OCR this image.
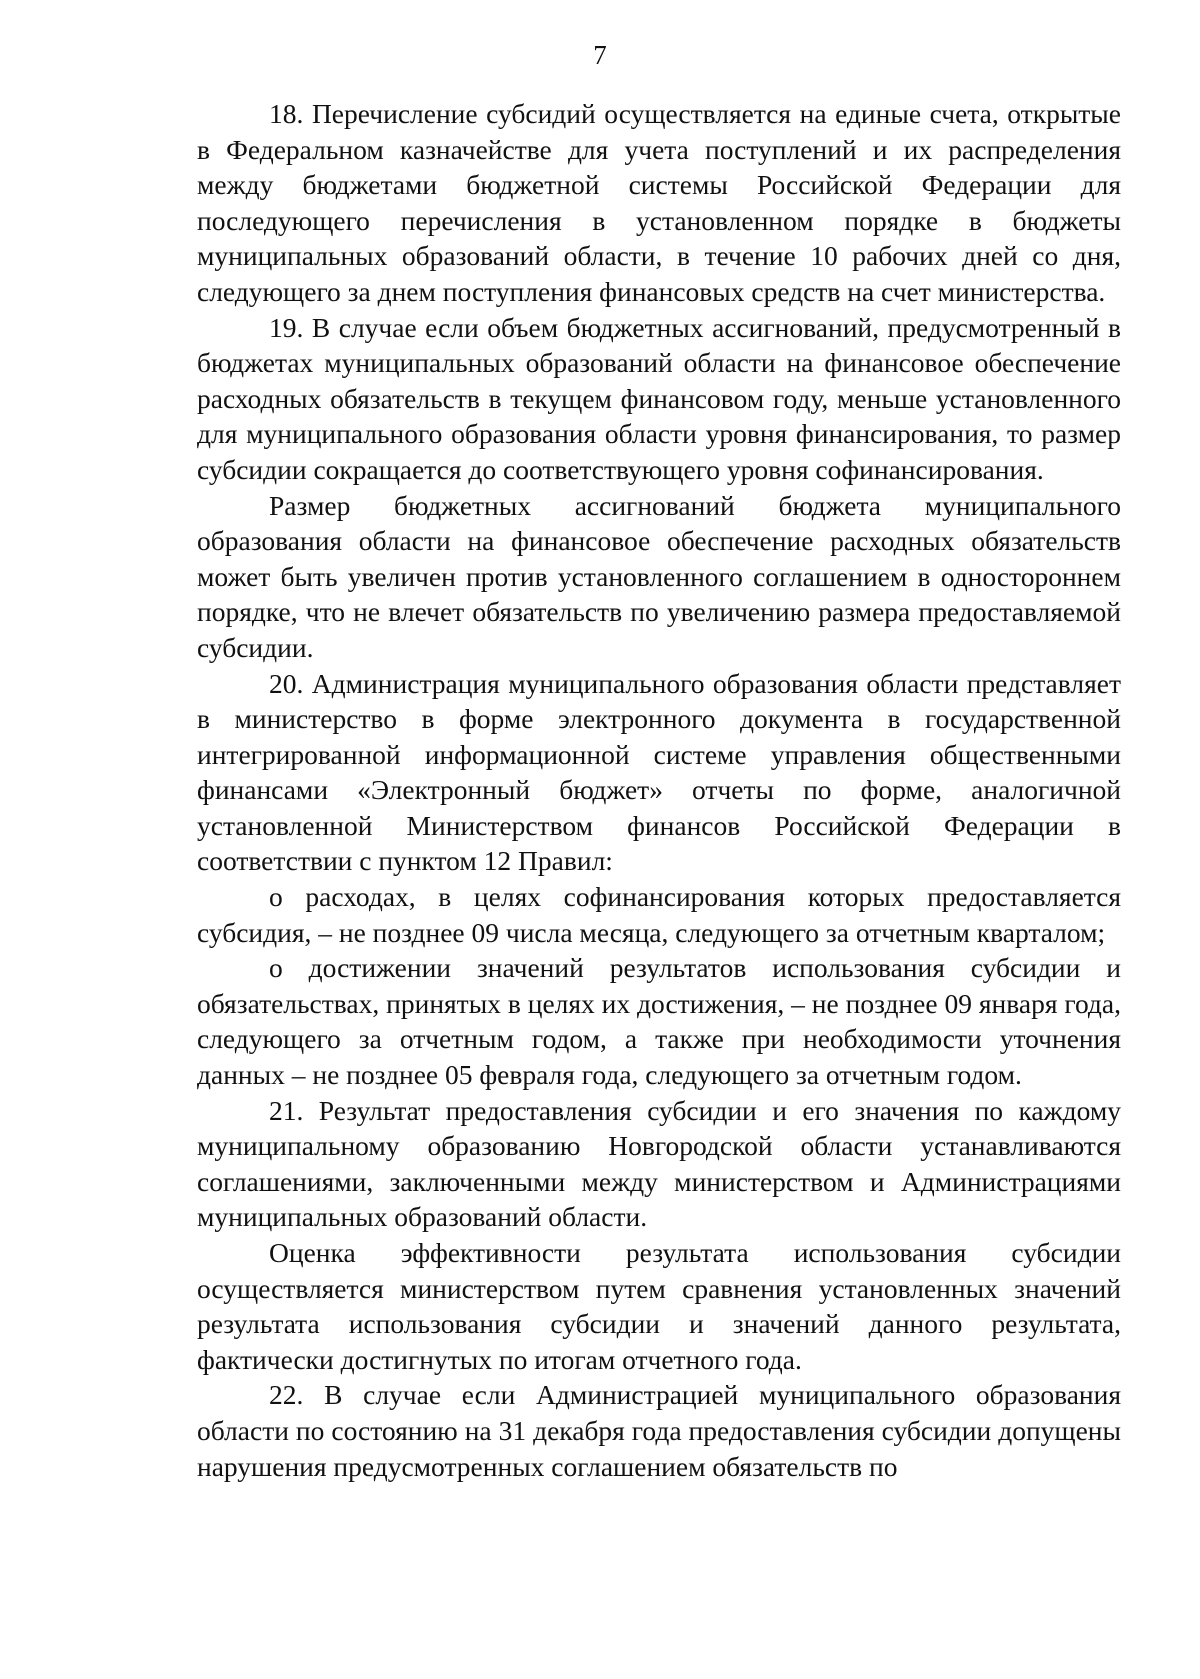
7

18. Перечисление субсидий осуществляется на единые счета, открытые в Федеральном казначействе для учета поступлений и их распределения между бюджетами бюджетной системы Российской Федерации для последующего перечисления в установленном порядке в бюджеты муниципальных образований области, в течение 10 рабочих дней со дня, следующего за днем поступления финансовых средств на счет министерства.

19. В случае если объем бюджетных ассигнований, предусмотренный в бюджетах муниципальных образований области на финансовое обеспечение расходных обязательств в текущем финансовом году, меньше установленного для муниципального образования области уровня финансирования, то размер субсидии сокращается до соответствующего уровня софинансирования.

Размер бюджетных ассигнований бюджета муниципального образования области на финансовое обеспечение расходных обязательств может быть увеличен против установленного соглашением в одностороннем порядке, что не влечет обязательств по увеличению размера предоставляемой субсидии.

20. Администрация муниципального образования области представляет в министерство в форме электронного документа в государственной интегрированной информационной системе управления общественными финансами «Электронный бюджет» отчеты по форме, аналогичной установленной Министерством финансов Российской Федерации в соответствии с пунктом 12 Правил:

о расходах, в целях софинансирования которых предоставляется субсидия, – не позднее 09 числа месяца, следующего за отчетным кварталом;

о достижении значений результатов использования субсидии и обязательствах, принятых в целях их достижения, – не позднее 09 января года, следующего за отчетным годом, а также при необходимости уточнения данных – не позднее 05 февраля года, следующего за отчетным годом.

21. Результат предоставления субсидии и его значения по каждому муниципальному образованию Новгородской области устанавливаются соглашениями, заключенными между министерством и Администрациями муниципальных образований области.

Оценка эффективности результата использования субсидии осуществляется министерством путем сравнения установленных значений результата использования субсидии и значений данного результата, фактически достигнутых по итогам отчетного года.

22. В случае если Администрацией муниципального образования области по состоянию на 31 декабря года предоставления субсидии допущены нарушения предусмотренных соглашением обязательств по
